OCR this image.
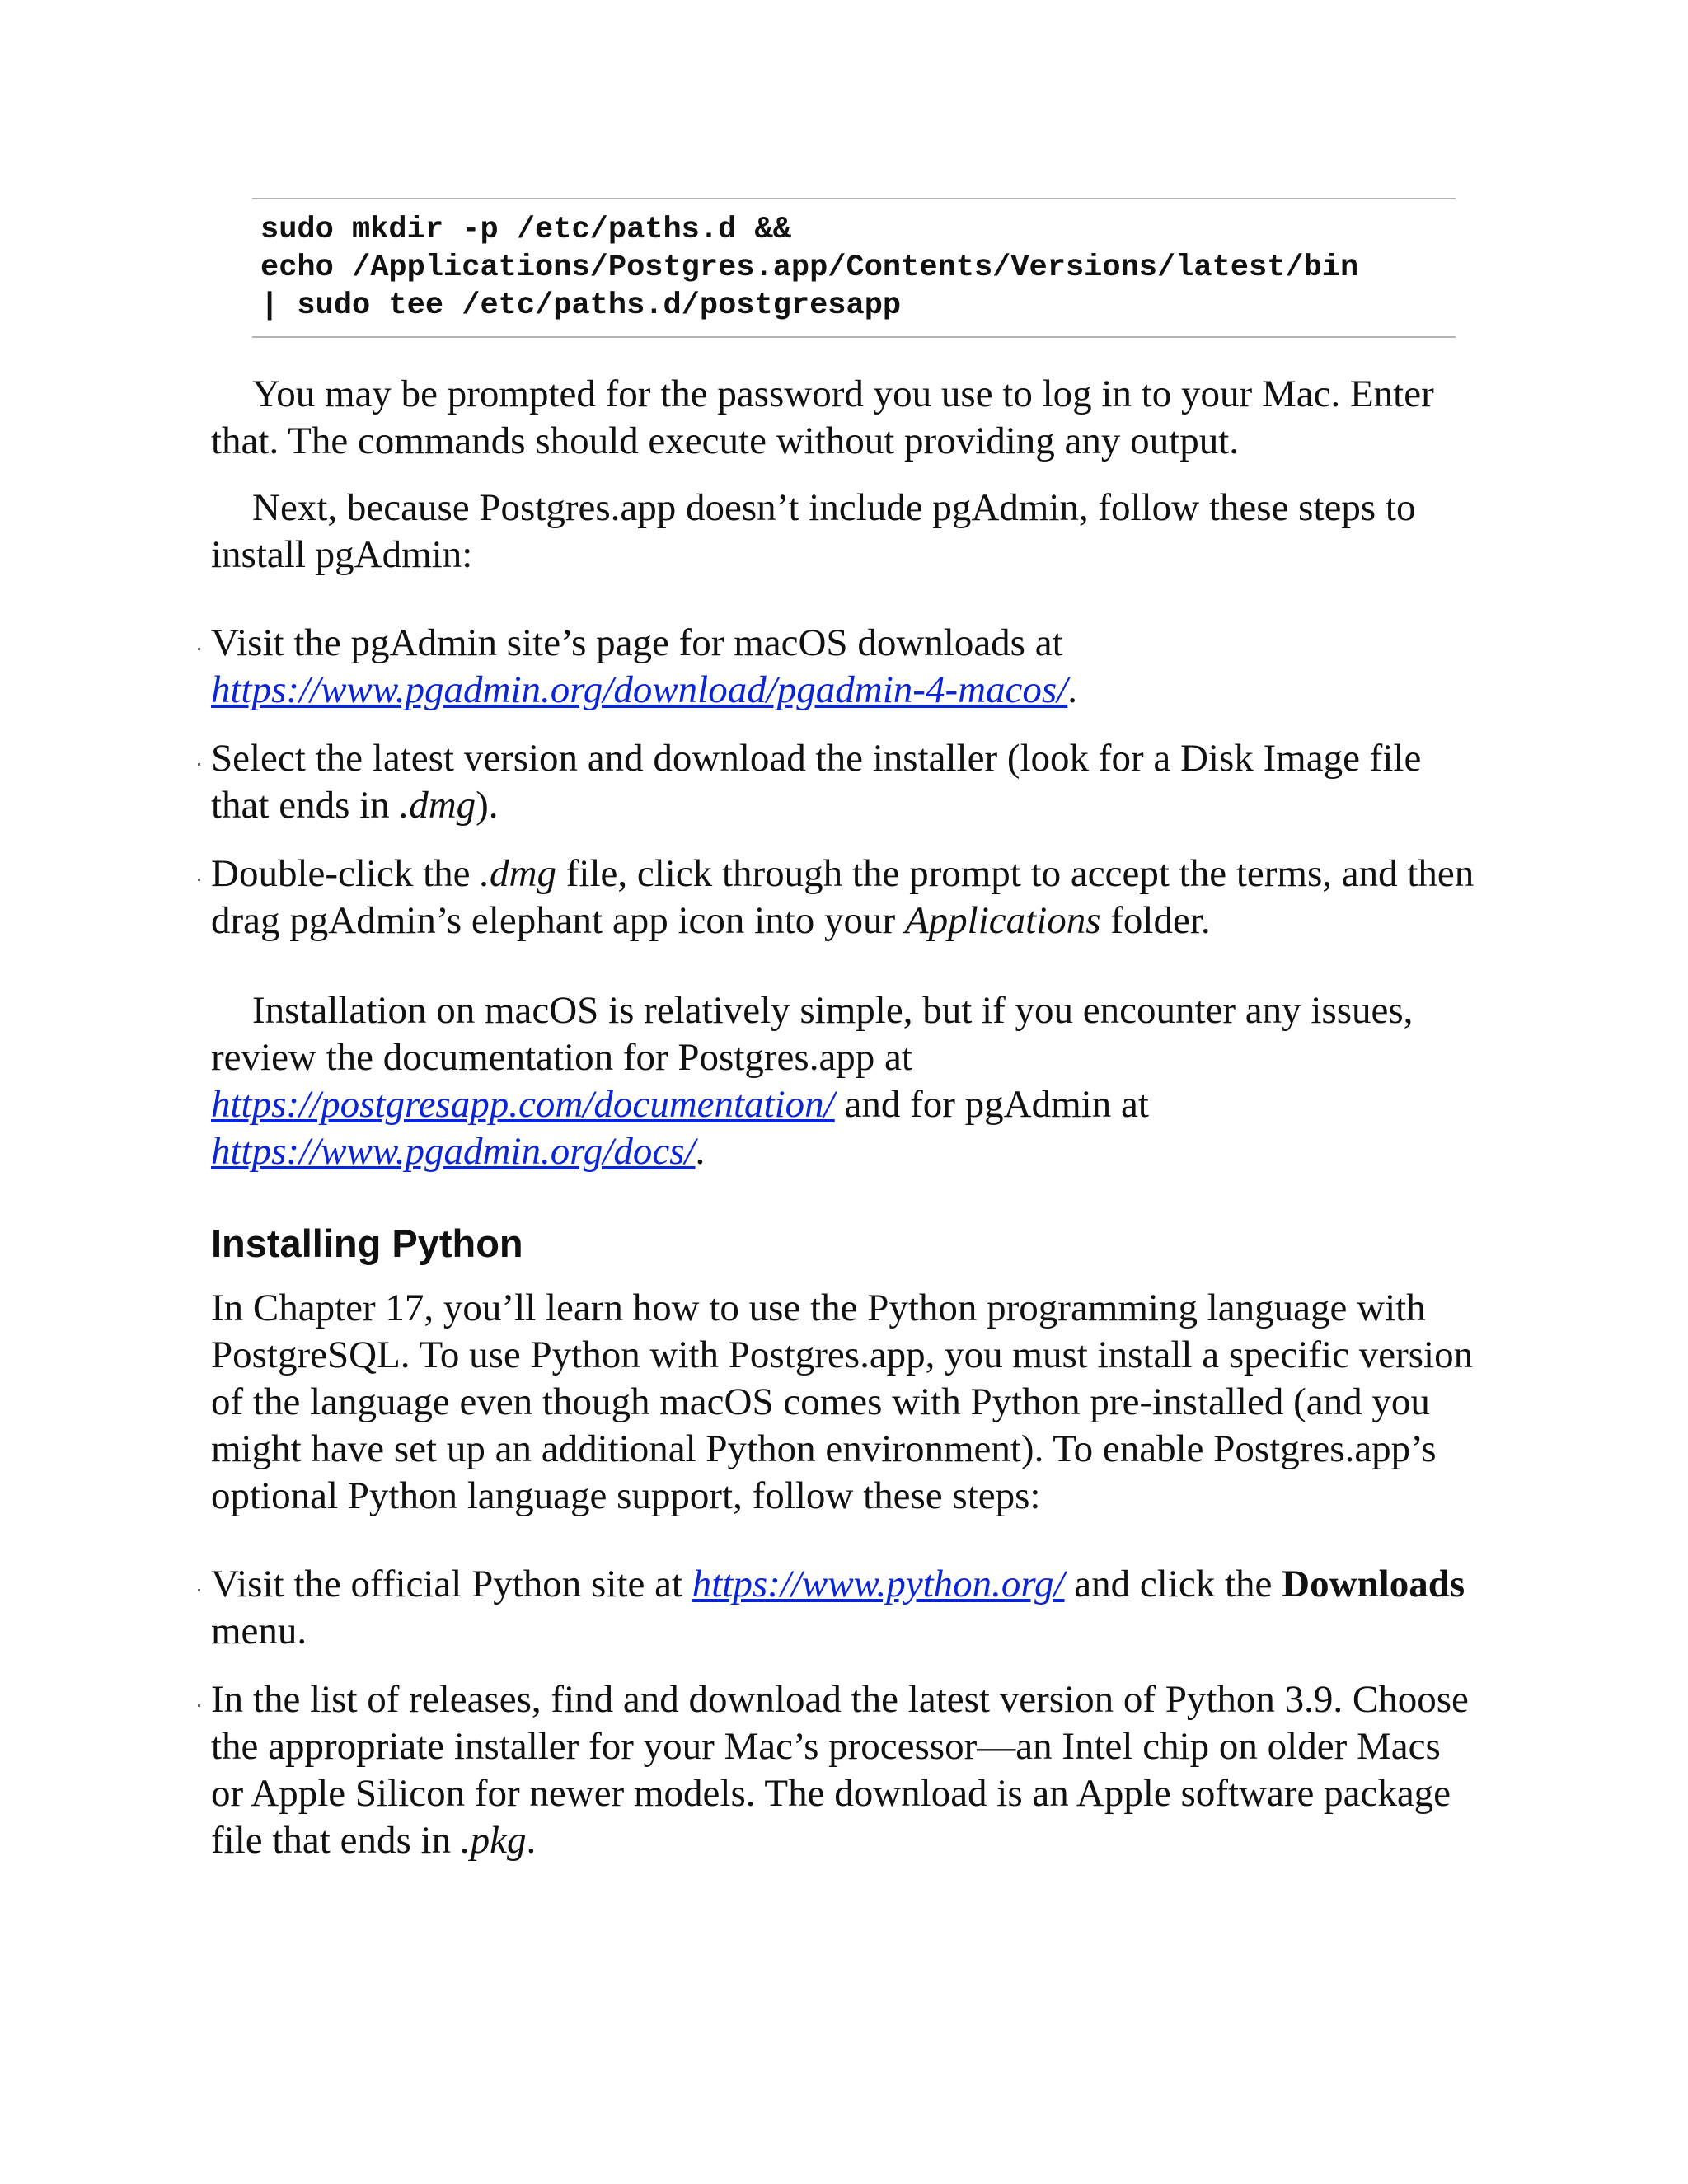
sudo mkdir -p /etc/paths.d &&
echo /Applications/Postgres.app/Contents/Versions/latest/bin
| sudo tee /etc/paths.d/postgresapp

You may be prompted for the password you use to log in to your Mac. Enter that. The commands should execute without providing any output.

Next, because Postgres.app doesn’t include pgAdmin, follow these steps to install pgAdmin:

Visit the pgAdmin site’s page for macOS downloads at https://www.pgadmin.org/download/pgadmin-4-macos/.
Select the latest version and download the installer (look for a Disk Image file that ends in .dmg).
Double-click the .dmg file, click through the prompt to accept the terms, and then drag pgAdmin’s elephant app icon into your Applications folder.

Installation on macOS is relatively simple, but if you encounter any issues, review the documentation for Postgres.app at https://postgresapp.com/documentation/ and for pgAdmin at https://www.pgadmin.org/docs/.

Installing Python

In Chapter 17, you’ll learn how to use the Python programming language with PostgreSQL. To use Python with Postgres.app, you must install a specific version of the language even though macOS comes with Python pre-installed (and you might have set up an additional Python environment). To enable Postgres.app’s optional Python language support, follow these steps:

Visit the official Python site at https://www.python.org/ and click the Downloads menu.
In the list of releases, find and download the latest version of Python 3.9. Choose the appropriate installer for your Mac’s processor—an Intel chip on older Macs or Apple Silicon for newer models. The download is an Apple software package file that ends in .pkg.
